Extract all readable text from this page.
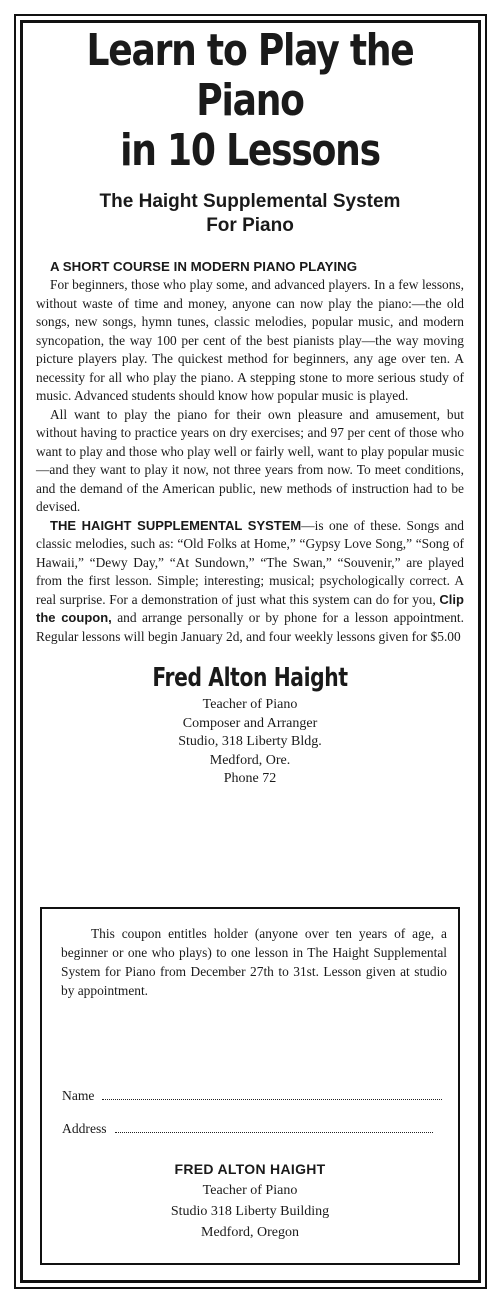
Learn to Play the Piano
in 10 Lessons
The Haight Supplemental System
For Piano
A SHORT COURSE IN MODERN PIANO PLAYING

For beginners, those who play some, and advanced players. In a few lessons, without waste of time and money, anyone can now play the piano:—the old songs, new songs, hymn tunes, classic melodies, popular music, and modern syncopation, the way 100 per cent of the best pianists play—the way moving picture players play. The quickest method for beginners, any age over ten. A necessity for all who play the piano. A stepping stone to more serious study of music. Advanced students should know how popular music is played.

All want to play the piano for their own pleasure and amusement, but without having to practice years on dry exercises; and 97 per cent of those who want to play and those who play well or fairly well, want to play popular music—and they want to play it now, not three years from now. To meet conditions, and the demand of the American public, new methods of instruction had to be devised.

THE HAIGHT SUPPLEMENTAL SYSTEM—is one of these. Songs and classic melodies, such as: “Old Folks at Home,” “Gypsy Love Song,” “Song of Hawaii,” “Dewy Day,” “At Sundown,” “The Swan,” “Souvenir,” are played from the first lesson. Simple; interesting; musical; psychologically correct. A real surprise. For a demonstration of just what this system can do for you, Clip the coupon, and arrange personally or by phone for a lesson appointment. Regular lessons will begin January 2d, and four weekly lessons given for $5.00

Fred Alton Haight
Teacher of Piano
Composer and Arranger
Studio, 318 Liberty Bldg.
Medford, Ore.
Phone 72

This coupon entitles holder (anyone over ten years of age, a beginner or one who plays) to one lesson in The Haight Supplemental System for Piano from December 27th to 31st. Lesson given at studio by appointment.

Name
Address
FRED ALTON HAIGHT
Teacher of Piano
Studio 318 Liberty Building
Medford, Oregon
